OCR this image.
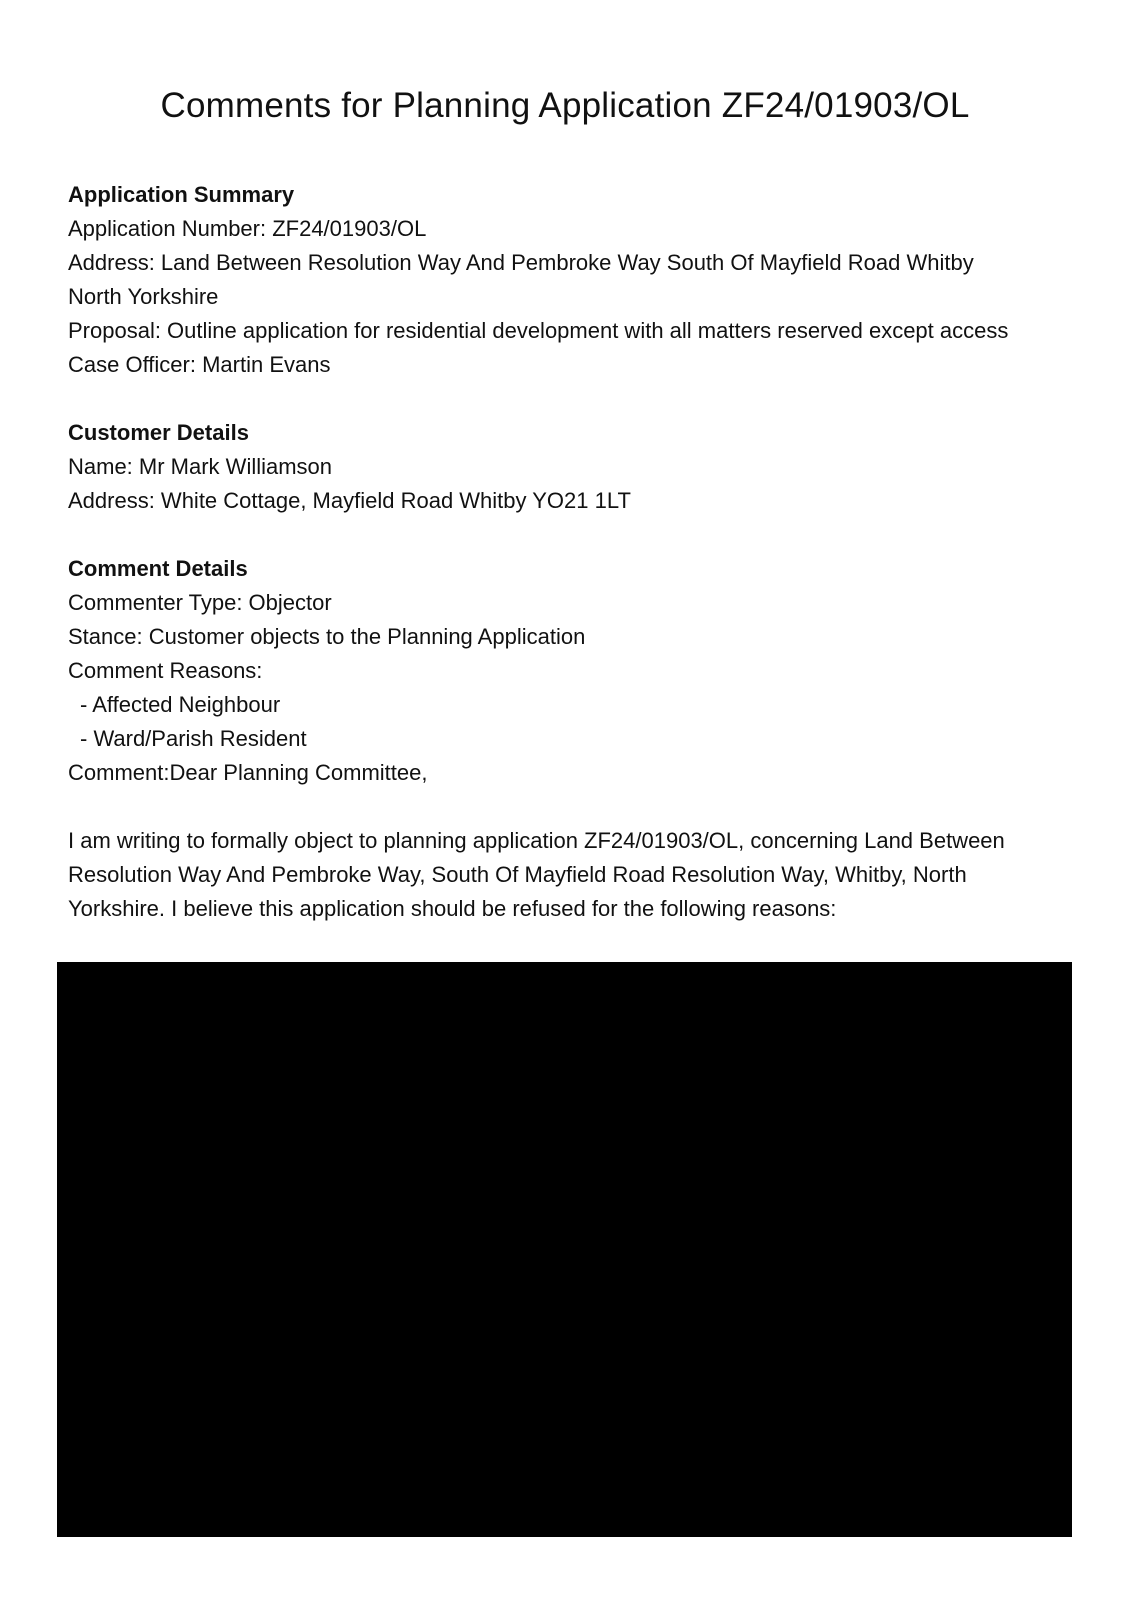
Comments for Planning Application ZF24/01903/OL

Application Summary

Application Number: ZF24/01903/OL

Address: Land Between Resolution Way And Pembroke Way South Of Mayfield Road Whitby

North Yorkshire

Proposal: Outline application for residential development with all matters reserved except access

Case Officer: Martin Evans

Customer Details

Name: Mr Mark Williamson

Address: White Cottage, Mayfield Road Whitby YO21 1LT

Comment Details

Commenter Type: Objector

Stance: Customer objects to the Planning Application

Comment Reasons:

- Affected Neighbour

- Ward/Parish Resident

Comment:Dear Planning Committee,

I am writing to formally object to planning application ZF24/01903/OL, concerning Land Between

Resolution Way And Pembroke Way, South Of Mayfield Road Resolution Way, Whitby, North

Yorkshire. I believe this application should be refused for the following reasons:
